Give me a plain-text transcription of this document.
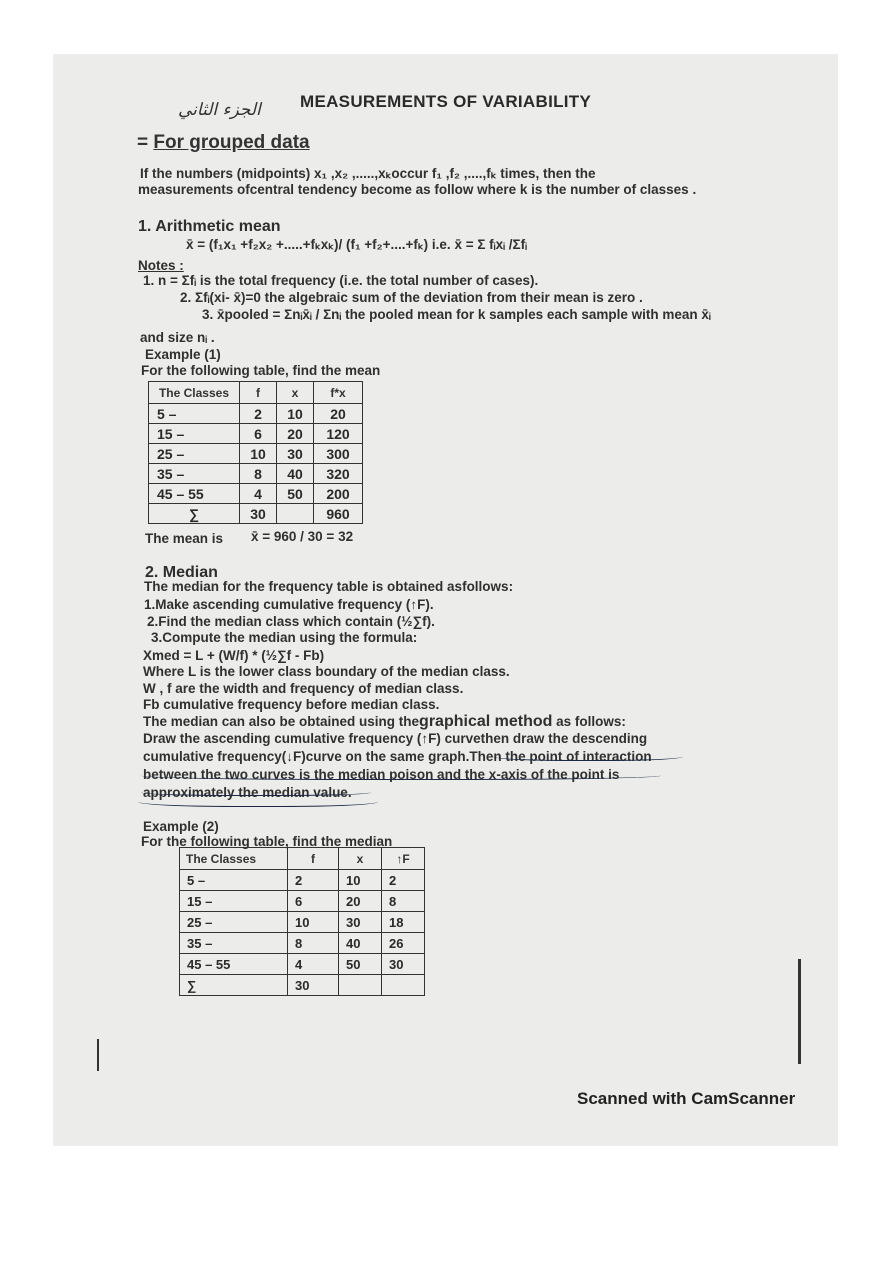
الجزء الثاني MEASUREMENTS OF VARIABILITY
= For grouped data
If the numbers (midpoints) x₁ ,x₂ ,.....,xₖoccur f₁ ,f₂ ,....,fₖ times, then the
measurements ofcentral tendency become as follow where k is the number of classes .
1. Arithmetic mean
x̄ = (f₁x₁ +f₂x₂ +.....+fₖxₖ)/ (f₁ +f₂+....+fₖ) i.e. x̄ = Σ fᵢxᵢ /Σfᵢ
Notes :
1. n = Σfᵢ is the total frequency (i.e. the total number of cases).
2. Σfᵢ(xi- x̄)=0 the algebraic sum of the deviation from their mean is zero .
3. x̄pooled = Σnᵢx̄ᵢ / Σnᵢ the pooled mean for k samples each sample with mean x̄ᵢ
and size nᵢ .
Example (1)
For the following table, find the mean
The Classes	f	x	f*x
5 –	2	10	20
15 –	6	20	120
25 –	10	30	300
35 –	8	40	320
45 – 55	4	50	200
∑	30		960
The mean is x̄ = 960 / 30 = 32
2. Median
The median for the frequency table is obtained asfollows:
1.Make ascending cumulative frequency (↑F).
2.Find the median class which contain (½∑f).
3.Compute the median using the formula:
Xmed = L + (W/f) * (½∑f - Fb)
Where L is the lower class boundary of the median class.
W , f are the width and frequency of median class.
Fb cumulative frequency before median class.
The median can also be obtained using thegraphical method as follows:
Draw the ascending cumulative frequency (↑F) curvethen draw the descending
cumulative frequency(↓F)curve on the same graph.Then the point of interaction
between the two curves is the median poison and the x-axis of the point is
approximately the median value.
Example (2)
For the following table, find the median
The Classes	f	x	↑F
5 –	2	10	2
15 –	6	20	8
25 –	10	30	18
35 –	8	40	26
45 – 55	4	50	30
∑	30		
Scanned with CamScanner
